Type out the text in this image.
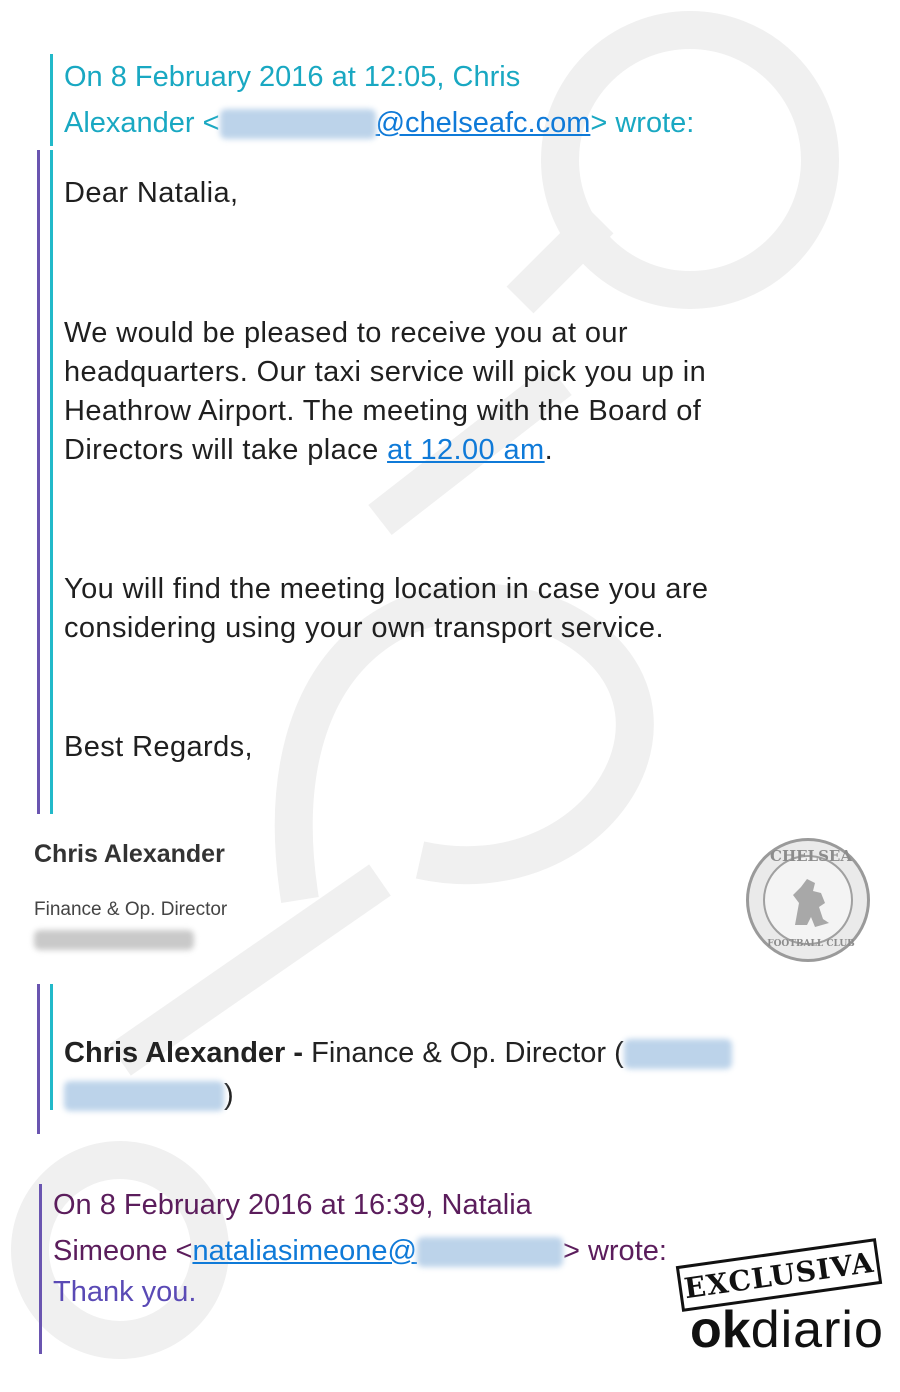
On 8 February 2016 at 12:05, Chris
Alexander <	@chelseafc.com> wrote:
Dear Natalia,
We would be pleased to receive you at our
headquarters. Our taxi service will pick you up in
Heathrow Airport. The meeting with the Board of
Directors will take place at 12.00 am.
You will find the meeting location in case you are
considering using your own transport service.
Best Regards,
Chris Alexander
Finance & Op. Director
CHELSEA
FOOTBALL CLUB
Chris Alexander - Finance & Op. Director (
)
On 8 February 2016 at 16:39, Natalia
Simeone <nataliasimeone@	> wrote:
Thank you.	EXCLUSIVA
okdiario
